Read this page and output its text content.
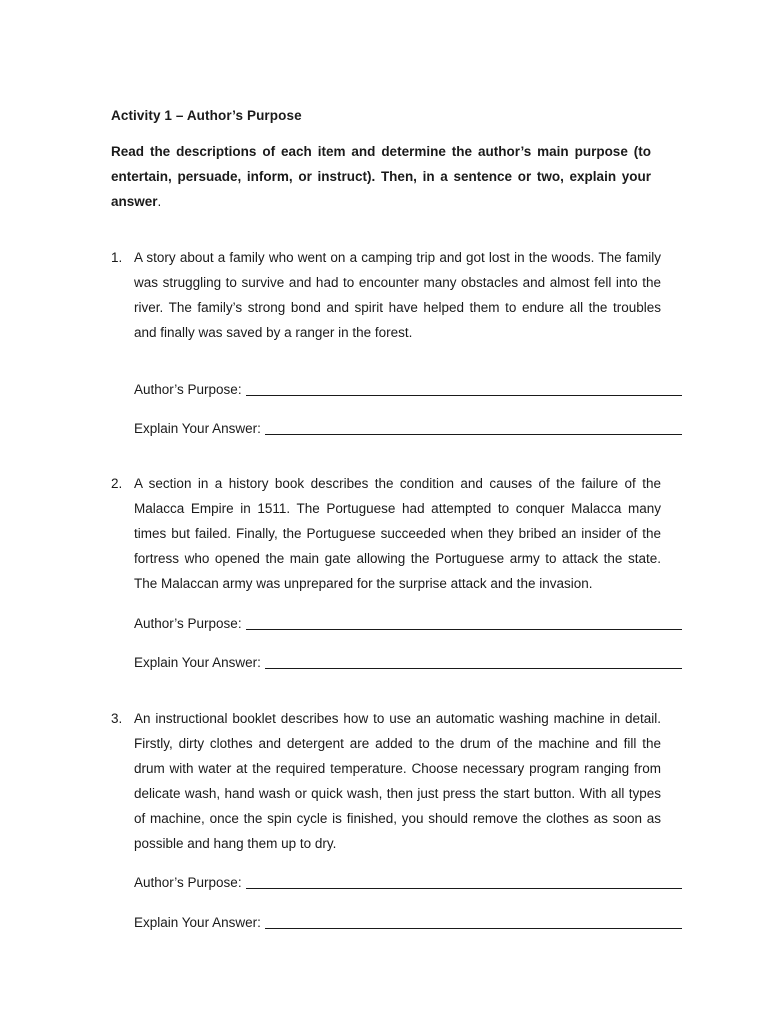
Activity 1 – Author’s Purpose
Read the descriptions of each item and determine the author’s main purpose (to entertain, persuade, inform, or instruct). Then, in a sentence or two, explain your answer.
1. A story about a family who went on a camping trip and got lost in the woods. The family was struggling to survive and had to encounter many obstacles and almost fell into the river. The family’s strong bond and spirit have helped them to endure all the troubles and finally was saved by a ranger in the forest.
Author’s Purpose:
Explain Your Answer:
2. A section in a history book describes the condition and causes of the failure of the Malacca Empire in 1511. The Portuguese had attempted to conquer Malacca many times but failed. Finally, the Portuguese succeeded when they bribed an insider of the fortress who opened the main gate allowing the Portuguese army to attack the state. The Malaccan army was unprepared for the surprise attack and the invasion.
Author’s Purpose:
Explain Your Answer:
3. An instructional booklet describes how to use an automatic washing machine in detail. Firstly, dirty clothes and detergent are added to the drum of the machine and fill the drum with water at the required temperature. Choose necessary program ranging from delicate wash, hand wash or quick wash, then just press the start button. With all types of machine, once the spin cycle is finished, you should remove the clothes as soon as possible and hang them up to dry.
Author’s Purpose:
Explain Your Answer:
